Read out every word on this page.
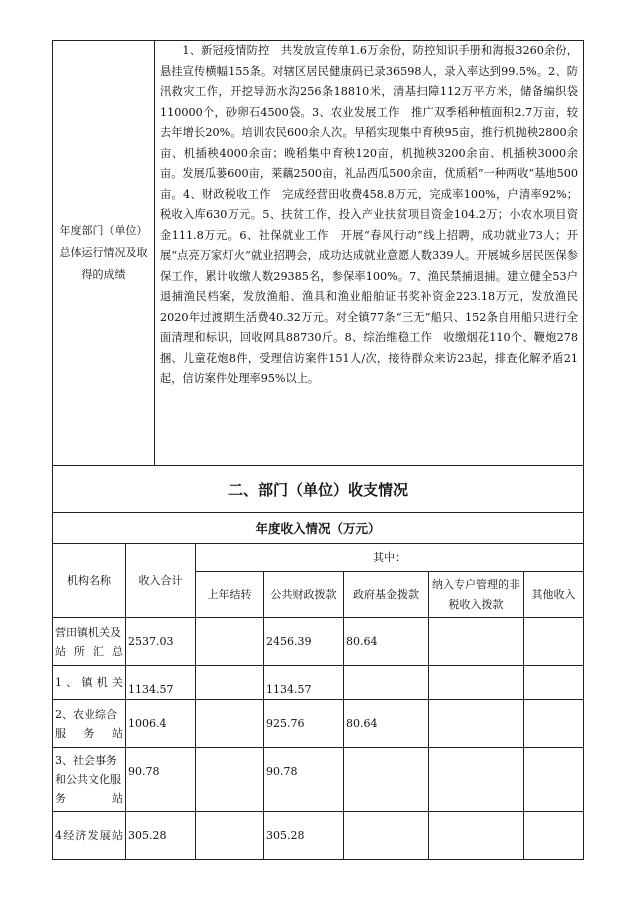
年度部门（单位）总体运行情况及取得的成绩	

1、新冠疫情防控　共发放宣传单1.6万余份，防控知识手册和海报3260余份，悬挂宣传横幅155条。对辖区居民健康码已录36598人，录入率达到99.5%。2、防汛救灾工作，开挖导沥水沟256条18810米，清基扫障112万平方米，储备编织袋110000个，砂卵石4500袋。3、农业发展工作　推广双季稻种植面积2.7万亩，较去年增长20%。培训农民600余人次。早稻实现集中育秧95亩，推行机抛秧2800余亩、机插秧4000余亩；晚稻集中育秧120亩，机抛秧3200余亩、机插秧3000余亩。发展瓜蒌600亩，莱藕2500亩，礼品西瓜500余亩，优质稻“一种两收”基地500亩。4、财政税收工作　完成经营田收费458.8万元，完成率100%，户清率92%；税收入库630万元。5、扶贫工作，投入产业扶贫项目资金104.2万；小农水项目资金111.8万元。6、社保就业工作　开展“春风行动”线上招聘，成功就业73人；开展“点亮万家灯火”就业招聘会，成功达成就业意愿人数339人。开展城乡居民医保参保工作，累计收缴人数29385名，参保率100%。7、渔民禁捕退捕。建立健全53户退捕渔民档案，发放渔船、渔具和渔业船舶证书奖补资金223.18万元，发放渔民2020年过渡期生活费40.32万元。对全镇77条“三无”船只、152条自用船只进行全面清理和标识，回收网具88730斤。8、综治维稳工作　收缴烟花110个、鞭炮278捆、儿童花炮8件，受理信访案件151人/次，接待群众来访23起，排查化解矛盾21起，信访案件处理率95%以上。

二、部门（单位）收支情况						
年度收入情况（万元）						
机构名称	收入合计	其中：				
		上年结转	公共财政拨款	政府基金拨款	纳入专户管理的非税收入拨款	其他收入
营田镇机关及站所汇总	2537.03		2456.39	80.64		
1、镇机关	1134.57		1134.57			
2、农业综合服务站	1006.4		925.76	80.64		
3、社会事务和公共文化服务站	90.78		90.78			
4经济发展站	305.28		305.28			
